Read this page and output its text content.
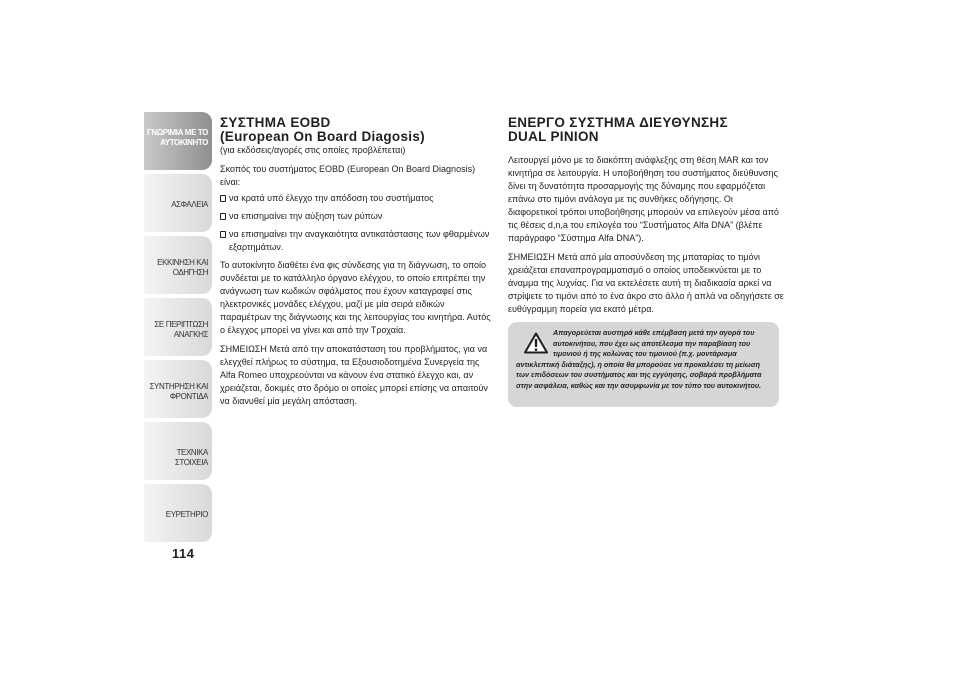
ΓΝΩΡΙΜΙΑ ΜΕ ΤΟ
ΑΥΤΟΚΙΝΗΤΟ
ΑΣΦΑΛΕΙΑ
ΕΚΚΙΝΗΣΗ ΚΑΙ
ΟΔΗΓΗΣΗ
ΣΕ ΠΕΡΙΠΤΩΣΗ
ΑΝΑΓΚΗΣ
ΣΥΝΤΗΡΗΣΗ ΚΑΙ
ΦΡΟΝΤΙΔΑ
ΤΕΧΝΙΚΑ ΣΤΟΙΧΕΙΑ
ΕΥΡΕΤΗΡΙΟ
114
ΣΥΣΤΗΜΑ EOBD
(European On Board Diagosis)
(για εκδόσεις/αγορές στις οποίες προβλέπεται)
Σκοπός του συστήματος EOBD (European On Board Diagnosis) είναι:
να κρατά υπό έλεγχο την απόδοση του συστήματος
να επισημαίνει την αύξηση των ρύπων
να επισημαίνει την αναγκαιότητα αντικατάστασης των φθαρμένων εξαρτημάτων.
Το αυτοκίνητο διαθέτει ένα φις σύνδεσης για τη διάγνωση, το οποίο συνδέεται με το κατάλληλο όργανο ελέγχου, το οποίο επιτρέπει την ανάγνωση των κωδικών σφάλματος που έχουν καταγραφεί στις ηλεκτρονικές μονάδες ελέγχου, μαζί με μία σειρά ειδικών παραμέτρων της διάγνωσης και της λειτουργίας του κινητήρα. Αυτός ο έλεγχος μπορεί να γίνει και από την Τροχαία.
ΣΗΜΕΙΩΣΗ Μετά από την αποκατάσταση του προβλήματος, για να ελεγχθεί πλήρως το σύστημα, τα Εξουσιοδοτημένα Συνεργεία της Alfa Romeo υποχρεούνται να κάνουν ένα στατικό έλεγχο και, αν χρειάζεται, δοκιμές στο δρόμο οι οποίες μπορεί επίσης να απαιτούν να διανυθεί μία μεγάλη απόσταση.
ΕΝΕΡΓΟ ΣΥΣΤΗΜΑ ΔΙΕΥΘΥΝΣΗΣ
DUAL PINION
Λειτουργεί μόνο με το διακόπτη ανάφλεξης στη θέση MAR και τον κινητήρα σε λειτουργία. Η υποβοήθηση του συστήματος διεύθυνσης δίνει τη δυνατότητα προσαρμογής της δύναμης που εφαρμόζεται επάνω στο τιμόνι ανάλογα με τις συνθήκες οδήγησης. Οι διαφορετικοί τρόποι υποβοήθησης μπορούν να επιλεγούν μέσα από τις θέσεις d,n,a του επιλογέα του “Συστήματος Alfa DNA” (βλέπε παράγραφο “Σύστημα Alfa DNA”).
ΣΗΜΕΙΩΣΗ Μετά από μία αποσύνδεση της μπαταρίας το τιμόνι χρειάζεται επαναπρογραμματισμό ο οποίος υποδεικνύεται με το άναμμα της λυχνίας. Για να εκτελέσετε αυτή τη διαδικασία αρκεί να στρίψετε το τιμόνι από το ένα άκρο στο άλλο ή απλά να οδηγήσετε σε ευθύγραμμη πορεία για εκατό μέτρα.
Απαγορεύεται αυστηρά κάθε επέμβαση μετά την αγορά του αυτοκινήτου, που έχει ως αποτέλεσμα την παραβίαση του τιμονιού ή της κολώνας του τιμονιού (π.χ. μοντάρισμα
αντικλεπτική διάταξης), η οποία θα μπορούσε να προκαλέσει τη μείωση των επιδόσεων του συστήματος και της εγγύησης, σοβαρά προβλήματα στην ασφάλεια, καθώς και την ασυμφωνία με τον τύπο του αυτοκινήτου.
